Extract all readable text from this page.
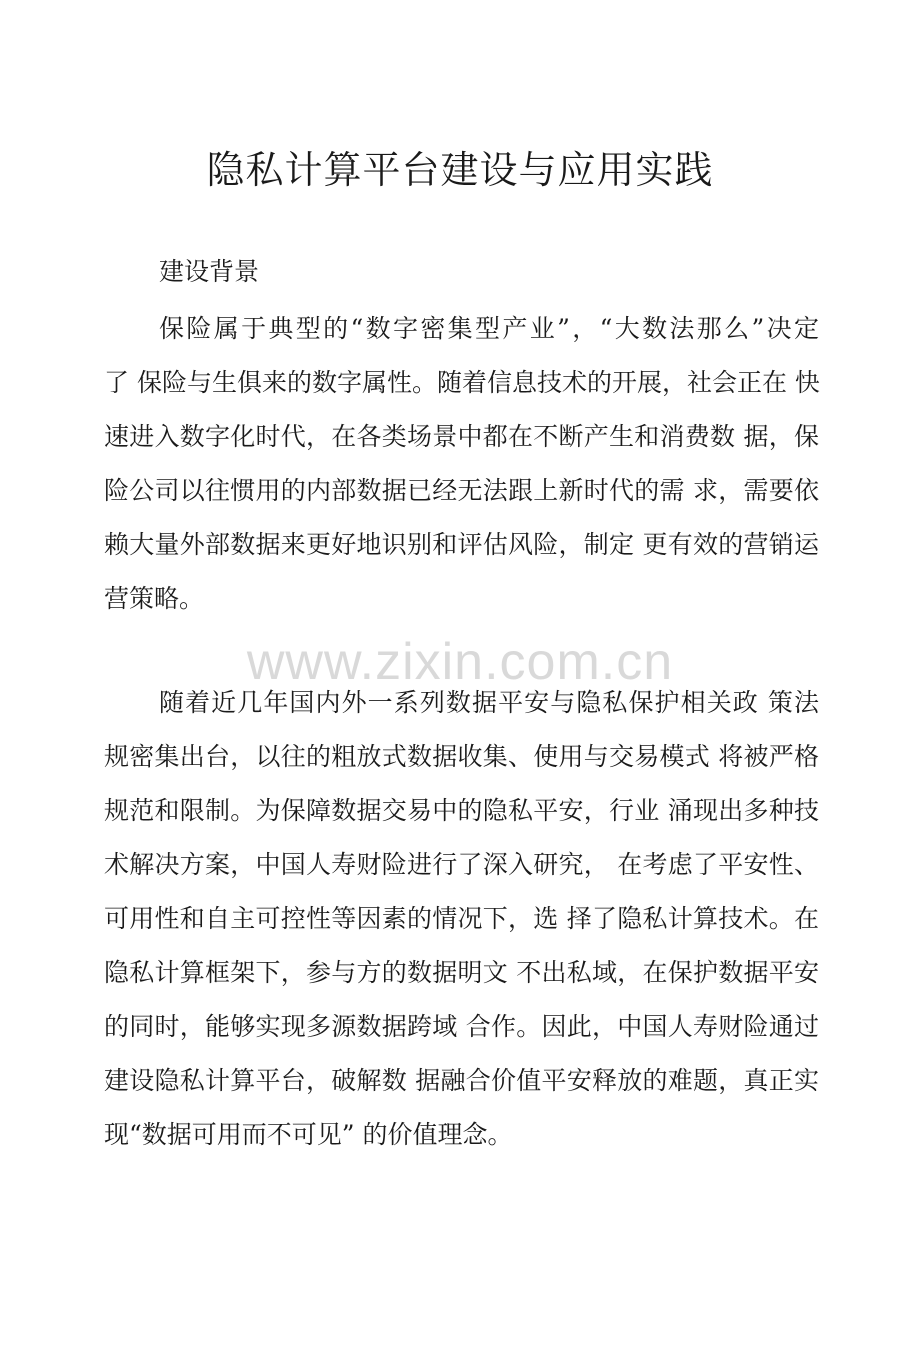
隐私计算平台建设与应用实践
建设背景
保险属于典型的“数字密集型产业”，“大数法那么”决定
了 保险与生俱来的数字属性。随着信息技术的开展，社会正在 快
速进入数字化时代，在各类场景中都在不断产生和消费数 据，保
险公司以往惯用的内部数据已经无法跟上新时代的需 求，需要依
赖大量外部数据来更好地识别和评估风险，制定 更有效的营销运
营策略。
www.zixin.com.cn
随着近几年国内外一系列数据平安与隐私保护相关政 策法
规密集出台，以往的粗放式数据收集、使用与交易模式 将被严格
规范和限制。为保障数据交易中的隐私平安，行业 涌现出多种技
术解决方案，中国人寿财险进行了深入研究， 在考虑了平安性、
可用性和自主可控性等因素的情况下，选 择了隐私计算技术。在
隐私计算框架下，参与方的数据明文 不出私域，在保护数据平安
的同时，能够实现多源数据跨域 合作。因此，中国人寿财险通过
建设隐私计算平台，破解数 据融合价值平安释放的难题，真正实
现“数据可用而不可见” 的价值理念。
